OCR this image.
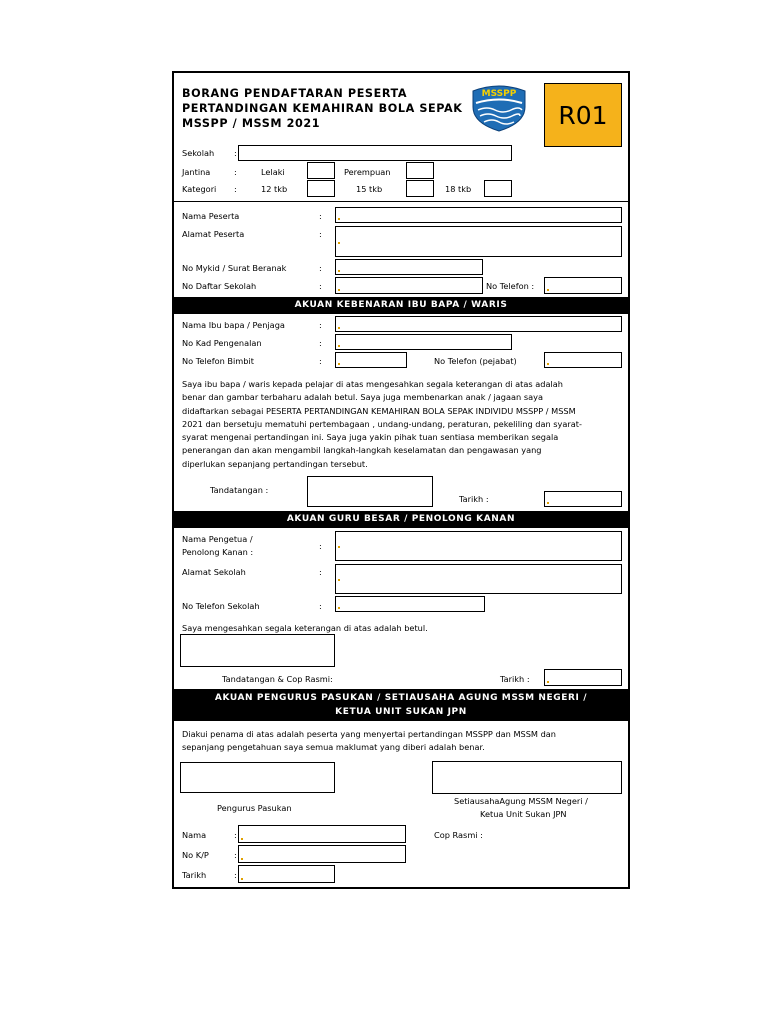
BORANG PENDAFTARAN PESERTA
PERTANDINGAN KEMAHIRAN BOLA SEPAK
MSSPP / MSSM 2021
MSSPP
R01
Sekolah :
Jantina	:	Lelaki	Perempuan
Kategori :	12 tkb	15 tkb	18 tkb
Nama Peserta	:
Alamat Peserta	:
No Mykid / Surat Beranak	:
No Daftar Sekolah	:	No Telefon :
AKUAN KEBENARAN IBU BAPA / WARIS
Nama Ibu bapa / Penjaga	:
No Kad Pengenalan	:
No Telefon Bimbit	:	No Telefon (pejabat)
Saya ibu bapa / waris kepada pelajar di atas mengesahkan segala keterangan di atas adalah
benar dan gambar terbaharu adalah betul. Saya juga membenarkan anak / jagaan saya
didaftarkan sebagai PESERTA PERTANDINGAN KEMAHIRAN BOLA SEPAK INDIVIDU MSSPP / MSSM
2021 dan bersetuju mematuhi pertembagaan , undang-undang, peraturan, pekeliling dan syarat-
syarat mengenai pertandingan ini. Saya juga yakin pihak tuan sentiasa memberikan segala
penerangan dan akan mengambil langkah-langkah keselamatan dan pengawasan yang
diperlukan sepanjang pertandingan tersebut.
Tandatangan :
Tarikh :
AKUAN GURU BESAR / PENOLONG KANAN
Nama Pengetua /
Penolong Kanan :
:
Alamat Sekolah	:
No Telefon Sekolah	:
Saya mengesahkan segala keterangan di atas adalah betul.
Tandatangan & Cop Rasmi:	Tarikh :
AKUAN PENGURUS PASUKAN / SETIAUSAHA AGUNG MSSM NEGERI /
KETUA UNIT SUKAN JPN
Diakui penama di atas adalah peserta yang menyertai pertandingan MSSPP dan MSSM dan
sepanjang pengetahuan saya semua maklumat yang diberi adalah benar.
Pengurus Pasukan
SetiausahaAgung MSSM Negeri /
Ketua Unit Sukan JPN
Nama	:	Cop Rasmi :
No K/P	:
Tarikh	:
